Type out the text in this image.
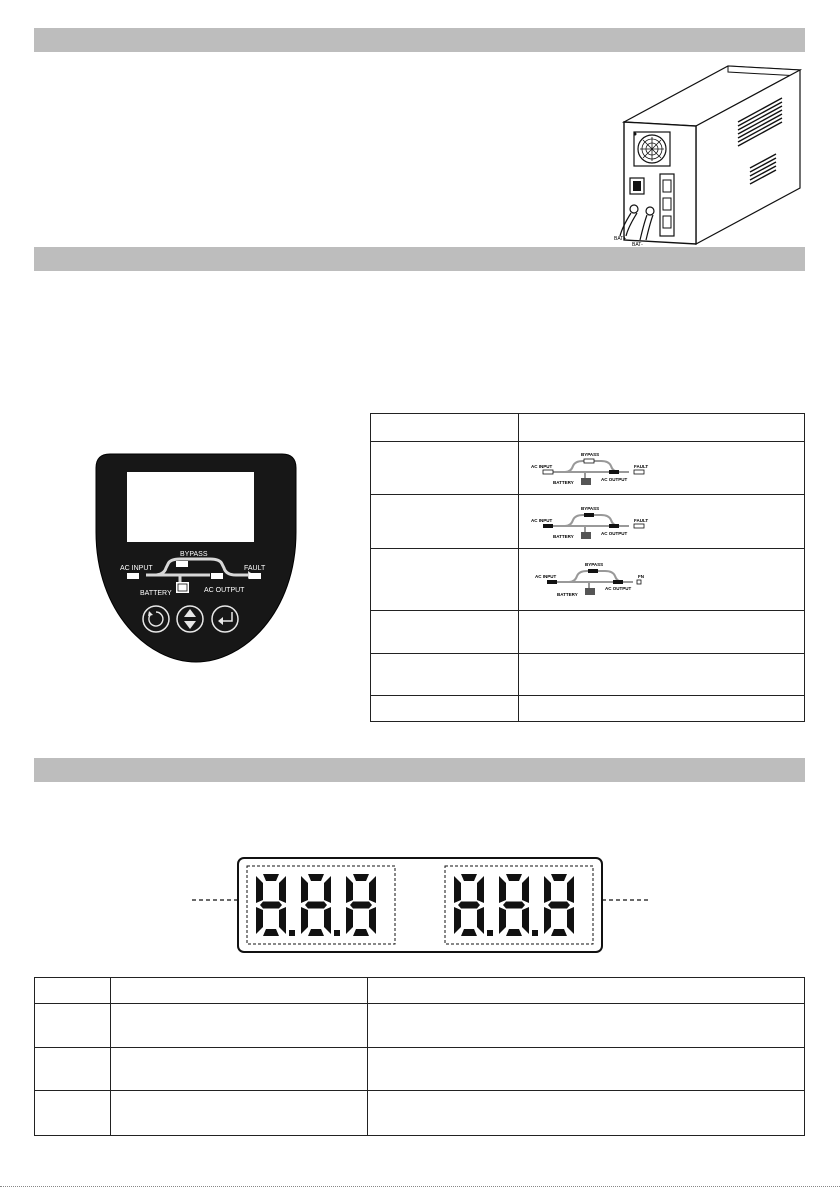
BAT+
BAT-
BYPASS
AC INPUT	FAULT
BATTERY	AC OUTPUT

AC INPUT
BYPASS
FAULT
BATTERY
AC OUTPUT

AC INPUT
BYPASS
FAULT
BATTERY
AC OUTPUT

AC INPUT
BYPASS
FN
BATTERY
AC OUTPUT
